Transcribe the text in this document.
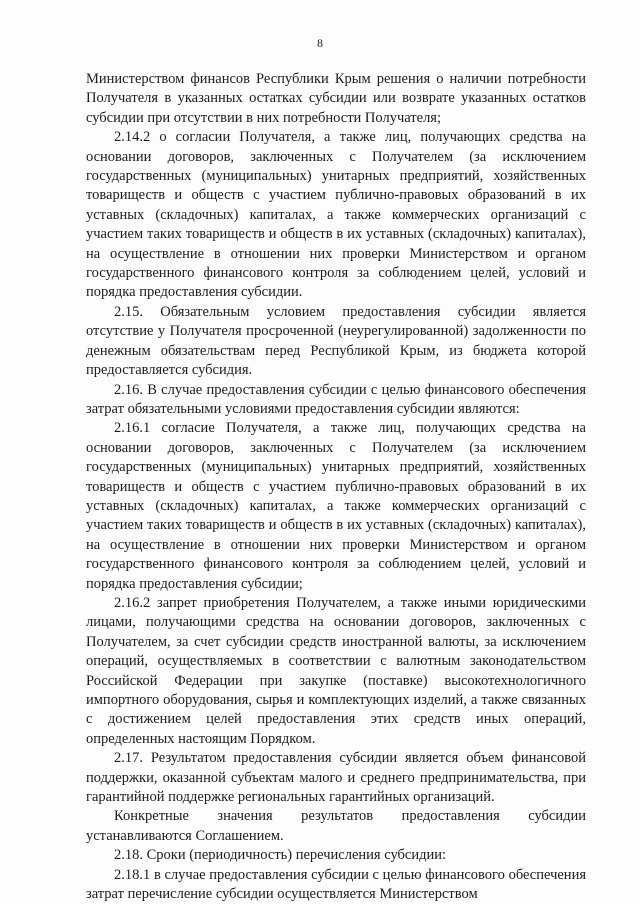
8

Министерством финансов Республики Крым решения о наличии потребности Получателя в указанных остатках субсидии или возврате указанных остатков субсидии при отсутствии в них потребности Получателя;

2.14.2 о согласии Получателя, а также лиц, получающих средства на основании договоров, заключенных с Получателем (за исключением государственных (муниципальных) унитарных предприятий, хозяйственных товариществ и обществ с участием публично-правовых образований в их уставных (складочных) капиталах, а также коммерческих организаций с участием таких товариществ и обществ в их уставных (складочных) капиталах), на осуществление в отношении них проверки Министерством и органом государственного финансового контроля за соблюдением целей, условий и порядка предоставления субсидии.

2.15. Обязательным условием предоставления субсидии является отсутствие у Получателя просроченной (неурегулированной) задолженности по денежным обязательствам перед Республикой Крым, из бюджета которой предоставляется субсидия.

2.16. В случае предоставления субсидии с целью финансового обеспечения затрат обязательными условиями предоставления субсидии являются:

2.16.1 согласие Получателя, а также лиц, получающих средства на основании договоров, заключенных с Получателем (за исключением государственных (муниципальных) унитарных предприятий, хозяйственных товариществ и обществ с участием публично-правовых образований в их уставных (складочных) капиталах, а также коммерческих организаций с участием таких товариществ и обществ в их уставных (складочных) капиталах), на осуществление в отношении них проверки Министерством и органом государственного финансового контроля за соблюдением целей, условий и порядка предоставления субсидии;

2.16.2 запрет приобретения Получателем, а также иными юридическими лицами, получающими средства на основании договоров, заключенных с Получателем, за счет субсидии средств иностранной валюты, за исключением операций, осуществляемых в соответствии с валютным законодательством Российской Федерации при закупке (поставке) высокотехнологичного импортного оборудования, сырья и комплектующих изделий, а также связанных с достижением целей предоставления этих средств иных операций, определенных настоящим Порядком.

2.17. Результатом предоставления субсидии является объем финансовой поддержки, оказанной субъектам малого и среднего предпринимательства, при гарантийной поддержке региональных гарантийных организаций.

Конкретные значения результатов предоставления субсидии устанавливаются Соглашением.

2.18. Сроки (периодичность) перечисления субсидии:

2.18.1 в случае предоставления субсидии с целью финансового обеспечения затрат перечисление субсидии осуществляется Министерством
